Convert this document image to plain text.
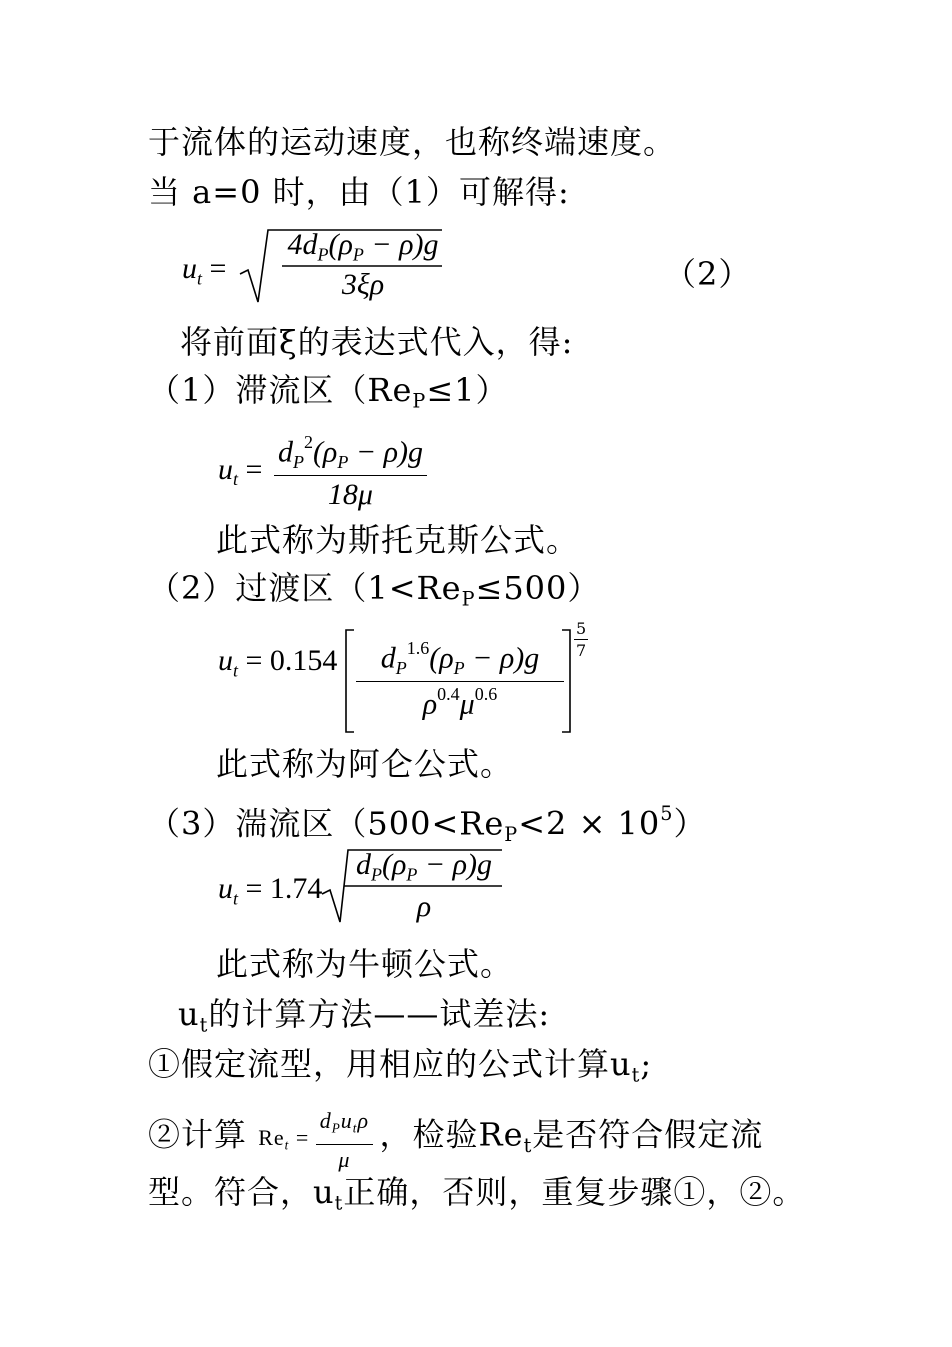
于流体的运动速度，也称终端速度。
当 a=0 时，由（1）可解得:
$u_t$ =
$4d_P(\rho_P - \rho)g$
3ξρ	（2）
将前面ξ的表达式代入，得:
（1）滞流区$(Re_P\le 1)$
$u_t = \frac{d_P^2(\rho_P - \rho)g}{18\mu}$
此式称为斯托克斯公式。
（2）过渡区$(1<Re_P\le 500)$
$u_t = 0.154 \frac{d_P^{1.6}(\rho_P - \rho)g}{\rho^{0.4}\mu^{0.6}} \frac{5}{7}$
此式称为阿仑公式。
（3）湍流区$(500<Re_P<2 \times 10^5)$
$u_t = 1.74$
$d_P(\rho_P - \rho)g$
ρ
此式称为牛顿公式。
$u_t$的计算方法——试差法:
①假定流型，用相应的公式计算$u_t$;
②计算 $Re_t = \frac{d_Pu_t\rho}{\mu}$ ，检验$Re_t$是否符合假定流
型。符合，$u_t$正确，否则，重复步骤①，②。
